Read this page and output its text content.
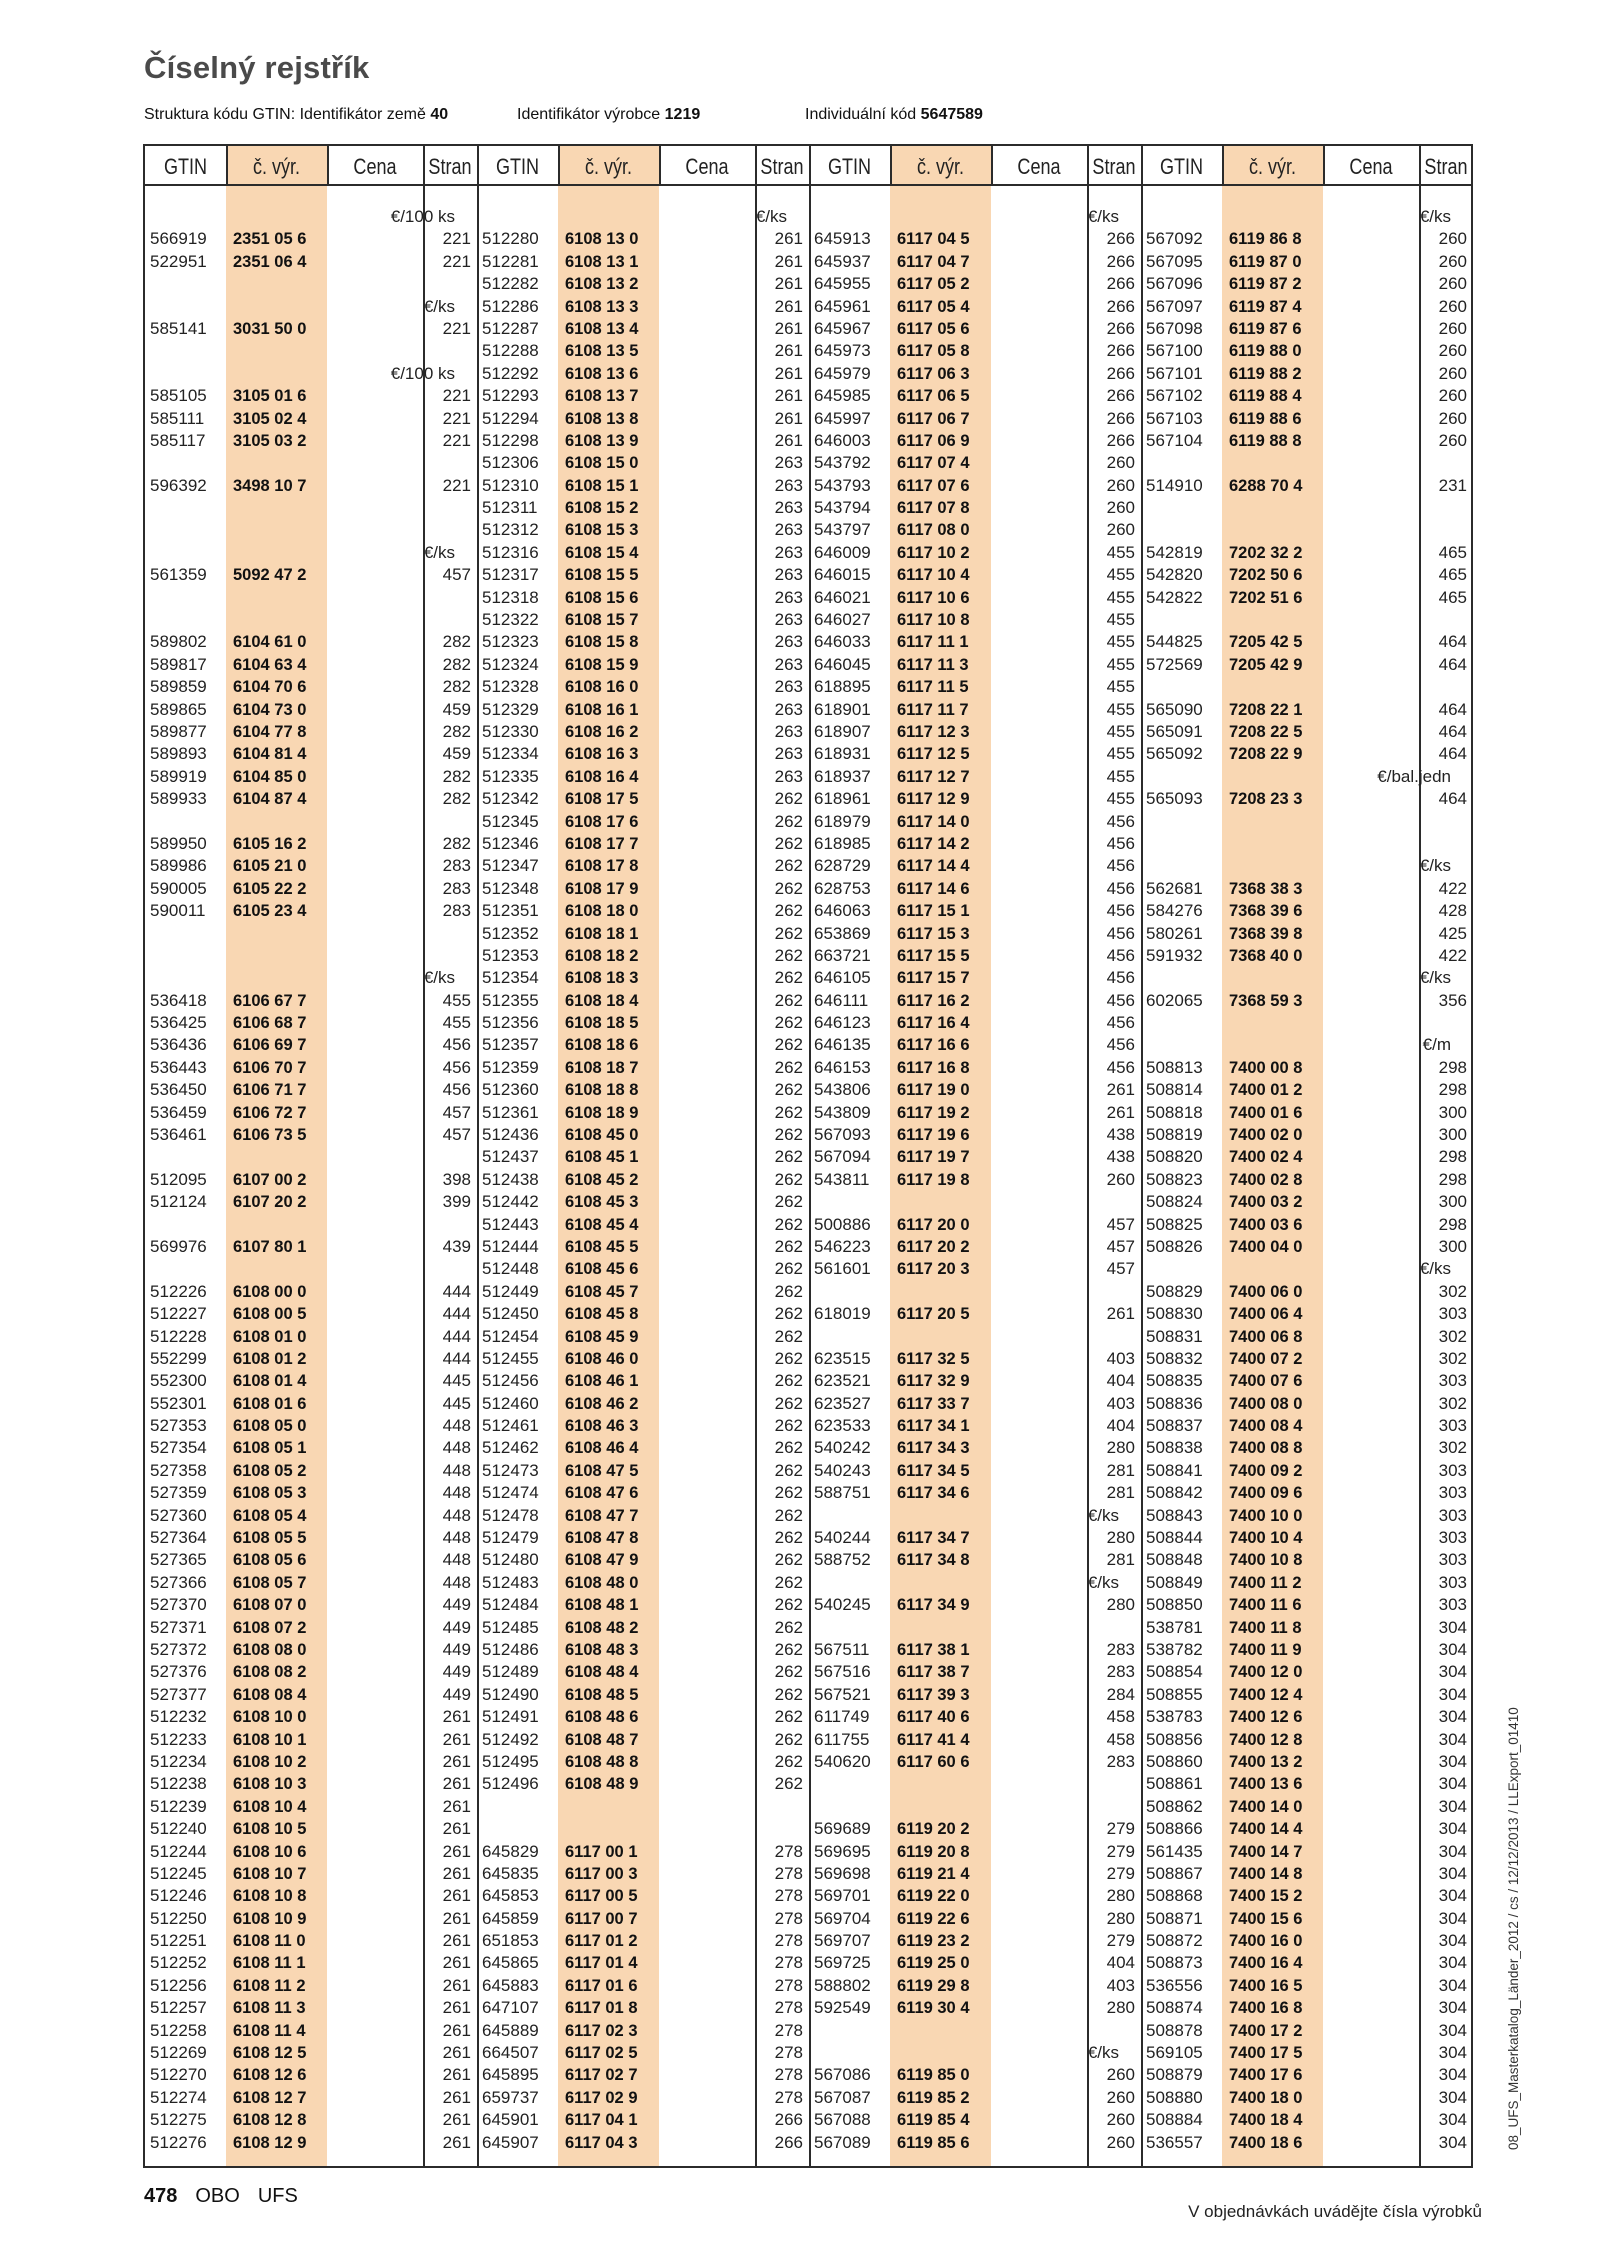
Číselný rejstřík
Struktura kódu GTIN: Identifikátor země 40	Identifikátor výrobce 1219	Individuální kód 5647589
GTIN	č. výr.	Cena	Stran
€/100 ks
566919 2351 05 6	221
522951 2351 06 4	221
€/ks
585141 3031 50 0	221
€/100 ks
585105 3105 01 6	221
585111 3105 02 4	221
585117 3105 03 2	221
596392 3498 10 7	221
€/ks
561359 5092 47 2	457
589802 6104 61 0	282
589817 6104 63 4	282
589859 6104 70 6	282
589865 6104 73 0	459
589877 6104 77 8	282
589893 6104 81 4	459
589919 6104 85 0	282
589933 6104 87 4	282
589950 6105 16 2	282
589986 6105 21 0	283
590005 6105 22 2	283
590011 6105 23 4	283
€/ks
536418 6106 67 7	455
536425 6106 68 7	455
536436 6106 69 7	456
536443 6106 70 7	456
536450 6106 71 7	456
536459 6106 72 7	457
536461 6106 73 5	457
512095 6107 00 2	398
512124 6107 20 2	399
569976 6107 80 1	439
512226 6108 00 0	444
512227 6108 00 5	444
512228 6108 01 0	444
552299 6108 01 2	444
552300 6108 01 4	445
552301 6108 01 6	445
527353 6108 05 0	448
527354 6108 05 1	448
527358 6108 05 2	448
527359 6108 05 3	448
527360 6108 05 4	448
527364 6108 05 5	448
527365 6108 05 6	448
527366 6108 05 7	448
527370 6108 07 0	449
527371 6108 07 2	449
527372 6108 08 0	449
527376 6108 08 2	449
527377 6108 08 4	449
512232 6108 10 0	261
512233 6108 10 1	261
512234 6108 10 2	261
512238 6108 10 3	261
512239 6108 10 4	261
512240 6108 10 5	261
512244 6108 10 6	261
512245 6108 10 7	261
512246 6108 10 8	261
512250 6108 10 9	261
512251 6108 11 0	261
512252 6108 11 1	261
512256 6108 11 2	261
512257 6108 11 3	261
512258 6108 11 4	261
512269 6108 12 5	261
512270 6108 12 6	261
512274 6108 12 7	261
512275 6108 12 8	261
512276 6108 12 9	261
GTIN	č. výr.	Cena	Stran
€/ks
512280 6108 13 0	261
512281 6108 13 1	261
512282 6108 13 2	261
512286 6108 13 3	261
512287 6108 13 4	261
512288 6108 13 5	261
512292 6108 13 6	261
512293 6108 13 7	261
512294 6108 13 8	261
512298 6108 13 9	261
512306 6108 15 0	263
512310 6108 15 1	263
512311 6108 15 2	263
512312 6108 15 3	263
512316 6108 15 4	263
512317 6108 15 5	263
512318 6108 15 6	263
512322 6108 15 7	263
512323 6108 15 8	263
512324 6108 15 9	263
512328 6108 16 0	263
512329 6108 16 1	263
512330 6108 16 2	263
512334 6108 16 3	263
512335 6108 16 4	263
512342 6108 17 5	262
512345 6108 17 6	262
512346 6108 17 7	262
512347 6108 17 8	262
512348 6108 17 9	262
512351 6108 18 0	262
512352 6108 18 1	262
512353 6108 18 2	262
512354 6108 18 3	262
512355 6108 18 4	262
512356 6108 18 5	262
512357 6108 18 6	262
512359 6108 18 7	262
512360 6108 18 8	262
512361 6108 18 9	262
512436 6108 45 0	262
512437 6108 45 1	262
512438 6108 45 2	262
512442 6108 45 3	262
512443 6108 45 4	262
512444 6108 45 5	262
512448 6108 45 6	262
512449 6108 45 7	262
512450 6108 45 8	262
512454 6108 45 9	262
512455 6108 46 0	262
512456 6108 46 1	262
512460 6108 46 2	262
512461 6108 46 3	262
512462 6108 46 4	262
512473 6108 47 5	262
512474 6108 47 6	262
512478 6108 47 7	262
512479 6108 47 8	262
512480 6108 47 9	262
512483 6108 48 0	262
512484 6108 48 1	262
512485 6108 48 2	262
512486 6108 48 3	262
512489 6108 48 4	262
512490 6108 48 5	262
512491 6108 48 6	262
512492 6108 48 7	262
512495 6108 48 8	262
512496 6108 48 9	262
645829 6117 00 1	278
645835 6117 00 3	278
645853 6117 00 5	278
645859 6117 00 7	278
651853 6117 01 2	278
645865 6117 01 4	278
645883 6117 01 6	278
647107 6117 01 8	278
645889 6117 02 3	278
664507 6117 02 5	278
645895 6117 02 7	278
659737 6117 02 9	278
645901 6117 04 1	266
645907 6117 04 3	266
GTIN	č. výr.	Cena	Stran
€/ks
645913 6117 04 5	266
645937 6117 04 7	266
645955 6117 05 2	266
645961 6117 05 4	266
645967 6117 05 6	266
645973 6117 05 8	266
645979 6117 06 3	266
645985 6117 06 5	266
645997 6117 06 7	266
646003 6117 06 9	266
543792 6117 07 4	260
543793 6117 07 6	260
543794 6117 07 8	260
543797 6117 08 0	260
646009 6117 10 2	455
646015 6117 10 4	455
646021 6117 10 6	455
646027 6117 10 8	455
646033 6117 11 1	455
646045 6117 11 3	455
618895 6117 11 5	455
618901 6117 11 7	455
618907 6117 12 3	455
618931 6117 12 5	455
618937 6117 12 7	455
618961 6117 12 9	455
618979 6117 14 0	456
618985 6117 14 2	456
628729 6117 14 4	456
628753 6117 14 6	456
646063 6117 15 1	456
653869 6117 15 3	456
663721 6117 15 5	456
646105 6117 15 7	456
646111 6117 16 2	456
646123 6117 16 4	456
646135 6117 16 6	456
646153 6117 16 8	456
543806 6117 19 0	261
543809 6117 19 2	261
567093 6117 19 6	438
567094 6117 19 7	438
543811 6117 19 8	260
500886 6117 20 0	457
546223 6117 20 2	457
561601 6117 20 3	457
618019 6117 20 5	261
623515 6117 32 5	403
623521 6117 32 9	404
623527 6117 33 7	403
623533 6117 34 1	404
540242 6117 34 3	280
540243 6117 34 5	281
588751 6117 34 6	281
€/ks
540244 6117 34 7	280
588752 6117 34 8	281
€/ks
540245 6117 34 9	280
567511 6117 38 1	283
567516 6117 38 7	283
567521 6117 39 3	284
611749 6117 40 6	458
611755 6117 41 4	458
540620 6117 60 6	283
569689 6119 20 2	279
569695 6119 20 8	279
569698 6119 21 4	279
569701 6119 22 0	280
569704 6119 22 6	280
569707 6119 23 2	279
569725 6119 25 0	404
588802 6119 29 8	403
592549 6119 30 4	280
€/ks
567086 6119 85 0	260
567087 6119 85 2	260
567088 6119 85 4	260
567089 6119 85 6	260
GTIN	č. výr.	Cena	Stran
€/ks
567092 6119 86 8	260
567095 6119 87 0	260
567096 6119 87 2	260
567097 6119 87 4	260
567098 6119 87 6	260
567100 6119 88 0	260
567101 6119 88 2	260
567102 6119 88 4	260
567103 6119 88 6	260
567104 6119 88 8	260
514910 6288 70 4	231
542819 7202 32 2	465
542820 7202 50 6	465
542822 7202 51 6	465
544825 7205 42 5	464
572569 7205 42 9	464
565090 7208 22 1	464
565091 7208 22 5	464
565092 7208 22 9	464
€/bal.jedn
565093 7208 23 3	464
€/ks
562681 7368 38 3	422
584276 7368 39 6	428
580261 7368 39 8	425
591932 7368 40 0	422
€/ks
602065 7368 59 3	356
€/m
508813 7400 00 8	298
508814 7400 01 2	298
508818 7400 01 6	300
508819 7400 02 0	300
508820 7400 02 4	298
508823 7400 02 8	298
508824 7400 03 2	300
508825 7400 03 6	298
508826 7400 04 0	300
€/ks
508829 7400 06 0	302
508830 7400 06 4	303
508831 7400 06 8	302
508832 7400 07 2	302
508835 7400 07 6	303
508836 7400 08 0	302
508837 7400 08 4	303
508838 7400 08 8	302
508841 7400 09 2	303
508842 7400 09 6	303
508843 7400 10 0	303
508844 7400 10 4	303
508848 7400 10 8	303
508849 7400 11 2	303
508850 7400 11 6	303
538781 7400 11 8	304
538782 7400 11 9	304
508854 7400 12 0	304
508855 7400 12 4	304
538783 7400 12 6	304
508856 7400 12 8	304
508860 7400 13 2	304
508861 7400 13 6	304
508862 7400 14 0	304
508866 7400 14 4	304
561435 7400 14 7	304
508867 7400 14 8	304
508868 7400 15 2	304
508871 7400 15 6	304
508872 7400 16 0	304
508873 7400 16 4	304
536556 7400 16 5	304
508874 7400 16 8	304
508878 7400 17 2	304
569105 7400 17 5	304
508879 7400 17 6	304
508880 7400 18 0	304
508884 7400 18 4	304
536557 7400 18 6	304
478 OBO UFS
V objednávkách uvádějte čísla výrobků
08_UFS_Masterkatalog_Länder_2012 / cs / 12/12/2013 / LLExport_01410
